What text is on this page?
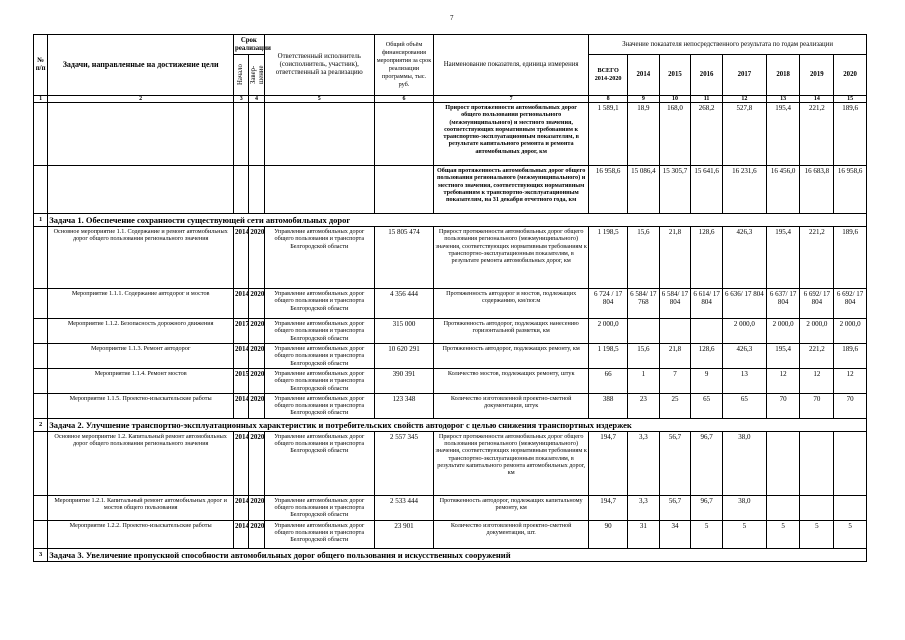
7
№ п/п	Задачи, направленные на достижение цели	Срок реализации		Ответственный исполнитель (соисполнитель, участник), ответственный за реализацию	Общий объём финансирования мероприятия за срок реализации программы, тыс. руб.	Наименование показателя, единица измерения	Значение показателя непосредственного результата по годам реализации							

		Начало	Завер- шение				ВСЕГО 2014-2020	2014	2015	2016	2017	2018	2019	2020
1	2	3	4	5	6	7	8	9	10	11	12	13	14	15
						Прирост протяженности автомобильных дорог общего пользования регионального (межмуниципального) и местного значения, соответствующих нормативным требованиям к транспортно-эксплуатационным показателям, в результате капитального ремонта и ремонта автомобильных дорог, км	1 589,1	18,9	168,0	268,2	527,8	195,4	221,2	189,6
						Общая протяженность автомобильных дорог общего пользования регионального (межмуниципального) и местного значения, соответствующих нормативным требованиям к транспортно-эксплуатационным показателям, на 31 декабря отчетного года, км	16 958,6	15 086,4	15 305,7	15 641,6	16 231,6	16 456,0	16 683,8	16 958,6
1	Задача 1. Обеспечение сохранности существующей сети автомобильных дорог													
	Основное мероприятие 1.1. Содержание и ремонт автомобильных дорог общего пользования регионального значения	2014	2020	Управление автомобильных дорог общего пользования и транспорта Белгородской области	15 805 474	Прирост протяженности автомобильных дорог общего пользования регионального (межмуниципального) значения, соответствующих нормативным требованиям к транспортно-эксплуатационным показателям, в результате ремонта автомобильных дорог, км	1 198,5	15,6	21,8	128,6	426,3	195,4	221,2	189,6
	Мероприятие 1.1.1. Содержание автодорог и мостов	2014	2020	Управление автомобильных дорог общего пользования и транспорта Белгородской области	4 356 444	Протяженность автодорог и мостов, подлежащих содержанию, км/пог.м	6 724 / 17 804	6 584/ 17 768	6 584/ 17 804	6 614/ 17 804	6 636/ 17 804	6 637/ 17 804	6 692/ 17 804	6 692/ 17 804
	Мероприятие 1.1.2. Безопасность дорожного движения	2017	2020	Управление автомобильных дорог общего пользования и транспорта Белгородской области	315 000	Протяженность автодорог, подлежащих нанесению горизонтальной разметки, км	2 000,0				2 000,0	2 000,0	2 000,0	2 000,0
	Мероприятие 1.1.3. Ремонт автодорог	2014	2020	Управление автомобильных дорог общего пользования и транспорта Белгородской области	10 620 291	Протяженность автодорог, подлежащих ремонту, км	1 198,5	15,6	21,8	128,6	426,3	195,4	221,2	189,6
	Мероприятие 1.1.4. Ремонт мостов	2015	2020	Управление автомобильных дорог общего пользования и транспорта Белгородской области	390 391	Количество мостов, подлежащих ремонту, штук	66	1	7	9	13	12	12	12
	Мероприятие 1.1.5. Проектно-изыскательские работы	2014	2020	Управление автомобильных дорог общего пользования и транспорта Белгородской области	123 348	Количество изготовленной проектно-сметной документации, штук	388	23	25	65	65	70	70	70
2	Задача 2. Улучшение транспортно-эксплуатационных характеристик и потребительских свойств автодорог с целью снижения транспортных издержек													
	Основное мероприятие 1.2. Капитальный ремонт автомобильных дорог общего пользования регионального значения	2014	2020	Управление автомобильных дорог общего пользования и транспорта Белгородской области	2 557 345	Прирост протяженности автомобильных дорог общего пользования регионального (межмуниципального) значения, соответствующих нормативным требованиям к транспортно-эксплуатационным показателям, в результате капитального ремонта автомобильных дорог, км	194,7	3,3	56,7	96,7	38,0			
	Мероприятие 1.2.1. Капитальный ремонт автомобильных дорог и мостов общего пользования	2014	2020	Управление автомобильных дорог общего пользования и транспорта Белгородской области	2 533 444	Протяженность автодорог, подлежащих капитальному ремонту, км	194,7	3,3	56,7	96,7	38,0			
	Мероприятие 1.2.2. Проектно-изыскательские работы	2014	2020	Управление автомобильных дорог общего пользования и транспорта Белгородской области	23 901	Количество изготовленной проектно-сметной документации, шт.	90	31	34	5	5	5	5	5
3	Задача 3. Увеличение пропускной способности автомобильных дорог общего пользования и искусственных сооружений													
